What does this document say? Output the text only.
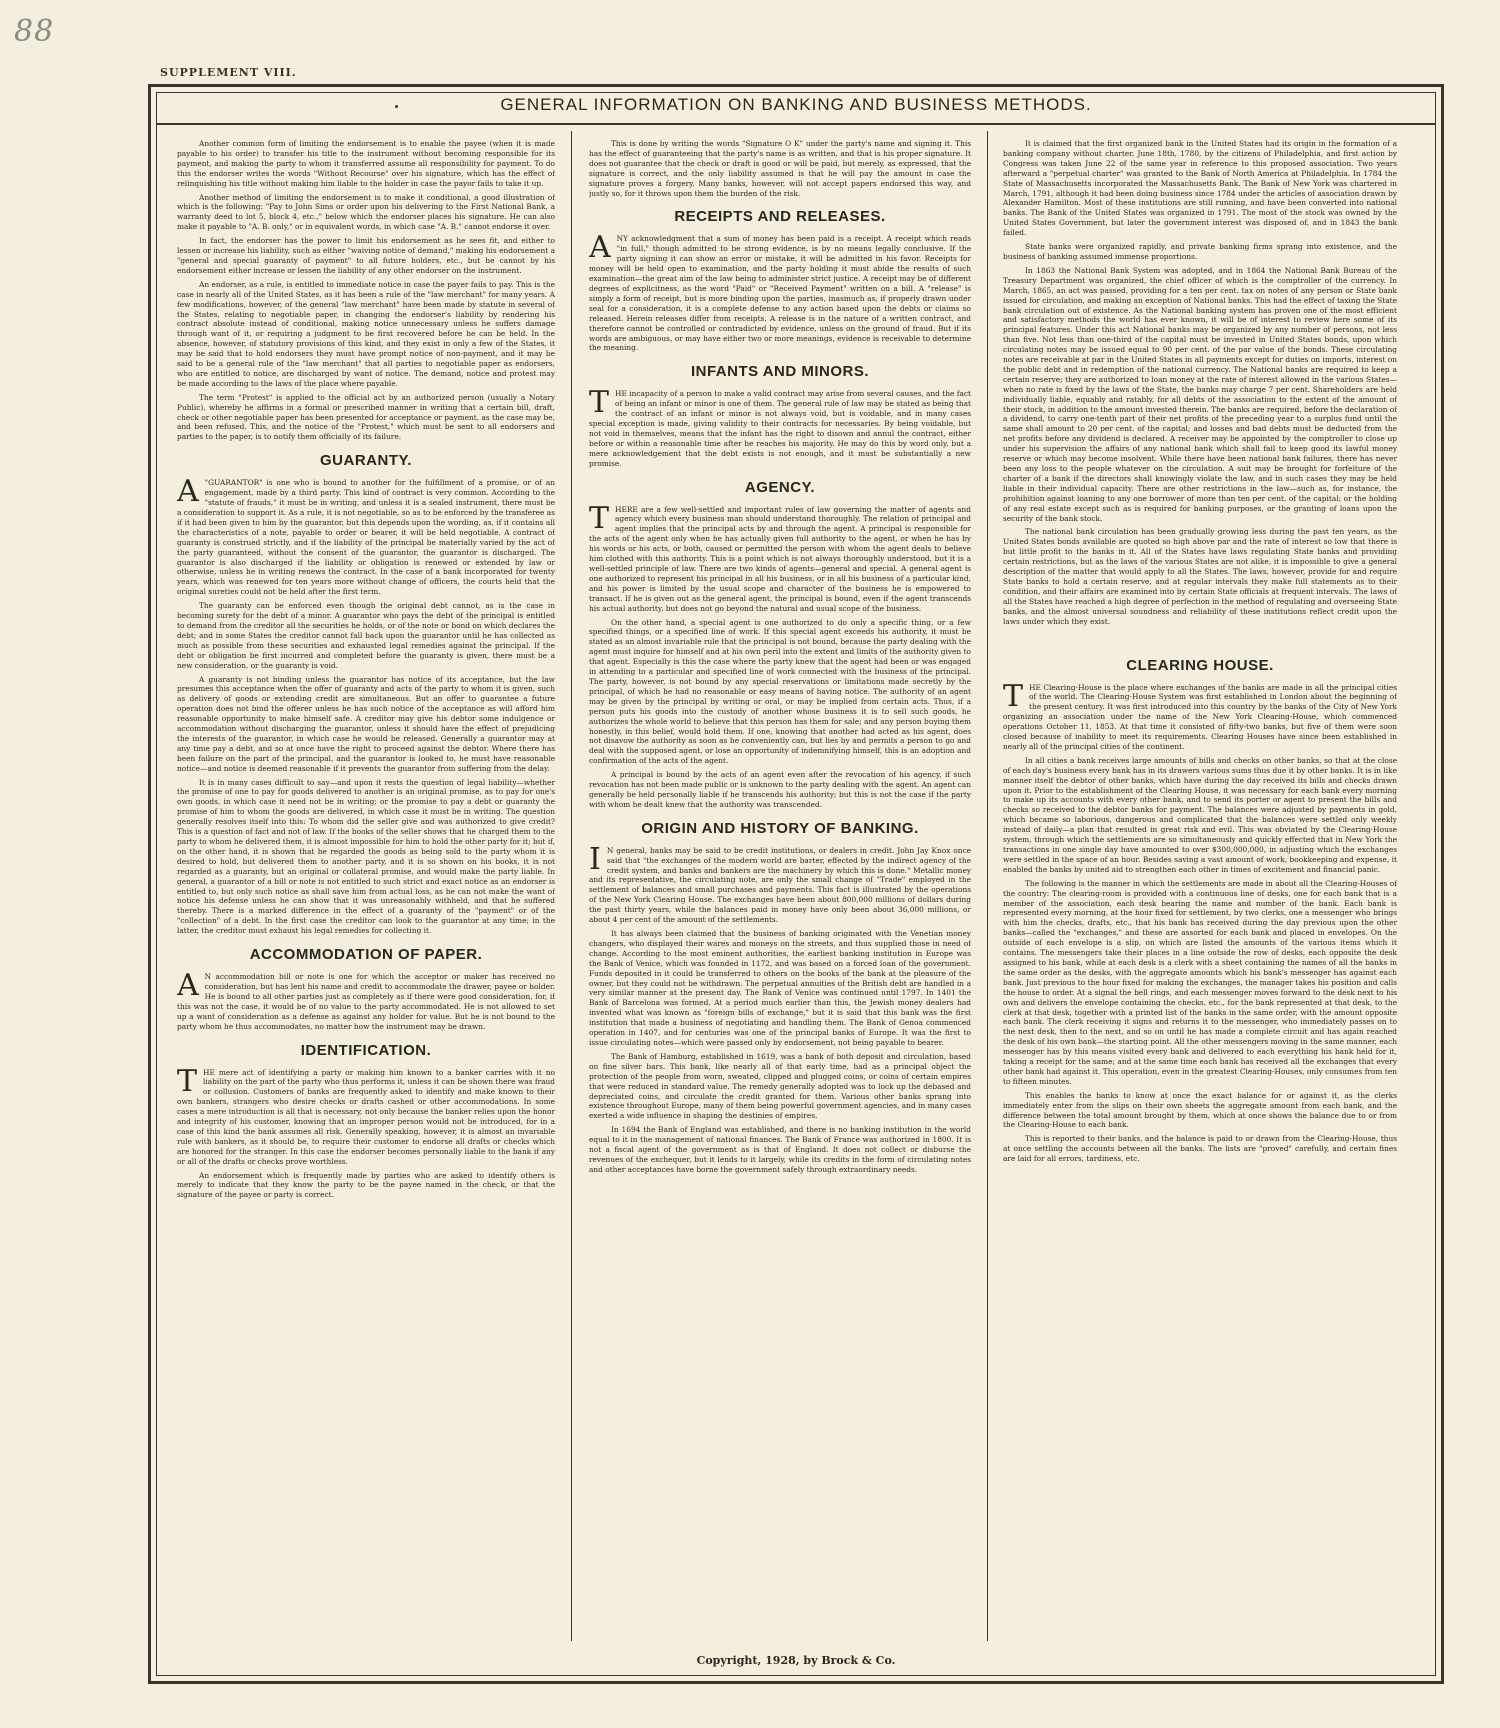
88
SUPPLEMENT VIII.
GENERAL INFORMATION ON BANKING AND BUSINESS METHODS.

Another common form of limiting the endorsement is to enable the payee (when it is made payable to his order) to transfer his title to the instrument without becoming responsible for its payment, and making the party to whom it transferred assume all responsibility for payment. To do this the endorser writes the words "Without Recourse" over his signature, which has the effect of relinquishing his title without making him liable to the holder in case the payor fails to take it up.

Another method of limiting the endorsement is to make it conditional, a good illustration of which is the following: "Pay to John Sims or order upon his delivering to the First National Bank, a warranty deed to lot 5, block 4, etc.," below which the endorser places his signature. He can also make it payable to "A. B. only," or in equivalent words, in which case "A. B." cannot endorse it over.

In fact, the endorser has the power to limit his endorsement as he sees fit, and either to lessen or increase his liability, such as either "waiving notice of demand," making his endorsement a "general and special guaranty of payment" to all future holders, etc., but he cannot by his endorsement either increase or lessen the liability of any other endorser on the instrument.

An endorser, as a rule, is entitled to immediate notice in case the payer fails to pay. This is the case in nearly all of the United States, as it has been a rule of the "law merchant" for many years. A few modifications, however, of the general "law merchant" have been made by statute in several of the States, relating to negotiable paper, in changing the endorser's liability by rendering his contract absolute instead of conditional, making notice unnecessary unless he suffers damage through want of it, or requiring a judgment to be first recovered before he can be held. In the absence, however, of statutory provisions of this kind, and they exist in only a few of the States, it may be said that to hold endorsers they must have prompt notice of non-payment, and it may be said to be a general rule of the "law merchant" that all parties to negotiable paper as endorsers, who are entitled to notice, are discharged by want of notice. The demand, notice and protest may be made according to the laws of the place where payable.

The term "Protest" is applied to the official act by an authorized person (usually a Notary Public), whereby he affirms in a formal or prescribed manner in writing that a certain bill, draft, check or other negotiable paper has been presented for acceptance or payment, as the case may be, and been refused. This, and the notice of the "Protest," which must be sent to all endorsers and parties to the paper, is to notify them officially of its failure.

GUARANTY.

A"GUARANTOR" is one who is bound to another for the fulfillment of a promise, or of an engagement, made by a third party. This kind of contract is very common. According to the "statute of frauds," it must be in writing, and unless it is a sealed instrument, there must be a consideration to support it. As a rule, it is not negotiable, so as to be enforced by the transferee as if it had been given to him by the guarantor, but this depends upon the wording, as, if it contains all the characteristics of a note, payable to order or bearer, it will be held negotiable. A contract of guaranty is construed strictly, and if the liability of the principal be materially varied by the act of the party guaranteed, without the consent of the guarantor, the guarantor is discharged. The guarantor is also discharged if the liability or obligation is renewed or extended by law or otherwise, unless he in writing renews the contract. In the case of a bank incorporated for twenty years, which was renewed for ten years more without change of officers, the courts held that the original sureties could not be held after the first term.

The guaranty can be enforced even though the original debt cannot, as is the case in becoming surety for the debt of a minor. A guarantor who pays the debt of the principal is entitled to demand from the creditor all the securities he holds, or of the note or bond on which declares the debt; and in some States the creditor cannot fall back upon the guarantor until he has collected as much as possible from these securities and exhausted legal remedies against the principal. If the debt or obligation be first incurred and completed before the guaranty is given, there must be a new consideration, or the guaranty is void.

A guaranty is not binding unless the guarantor has notice of its acceptance, but the law presumes this acceptance when the offer of guaranty and acts of the party to whom it is given, such as delivery of goods or extending credit are simultaneous. But an offer to guarantee a future operation does not bind the offerer unless he has such notice of the acceptance as will afford him reasonable opportunity to make himself safe. A creditor may give his debtor some indulgence or accommodation without discharging the guarantor, unless it should have the effect of prejudicing the interests of the guarantor, in which case he would be released. Generally a guarantor may at any time pay a debt, and so at once have the right to proceed against the debtor. Where there has been failure on the part of the principal, and the guarantor is looked to, he must have reasonable notice—and notice is deemed reasonable if it prevents the guarantor from suffering from the delay.

It is in many cases difficult to say—and upon it rests the question of legal liability—whether the promise of one to pay for goods delivered to another is an original promise, as to pay for one's own goods, in which case it need not be in writing; or the promise to pay a debt or guaranty the promise of him to whom the goods are delivered, in which case it must be in writing. The question generally resolves itself into this: To whom did the seller give and was authorized to give credit? This is a question of fact and not of law. If the books of the seller shows that he charged them to the party to whom he delivered them, it is almost impossible for him to hold the other party for it; but if, on the other hand, it is shown that he regarded the goods as being sold to the party whom it is desired to hold, but delivered them to another party, and it is so shown on his books, it is not regarded as a guaranty, but an original or collateral promise, and would make the party liable. In general, a guarantor of a bill or note is not entitled to such strict and exact notice as an endorser is entitled to, but only such notice as shall save him from actual loss, as he can not make the want of notice his defense unless he can show that it was unreasonably withheld, and that he suffered thereby. There is a marked difference in the effect of a guaranty of the "payment" or of the "collection" of a debt. In the first case the creditor can look to the guarantor at any time; in the latter, the creditor must exhaust his legal remedies for collecting it.

ACCOMMODATION OF PAPER.

AN accommodation bill or note is one for which the acceptor or maker has received no consideration, but has lent his name and credit to accommodate the drawer, payee or holder. He is bound to all other parties just as completely as if there were good consideration, for, if this was not the case, it would be of no value to the party accommodated. He is not allowed to set up a want of consideration as a defense as against any holder for value. But he is not bound to the party whom he thus accommodates, no matter how the instrument may be drawn.

IDENTIFICATION.

THE mere act of identifying a party or making him known to a banker carries with it no liability on the part of the party who thus performs it, unless it can be shown there was fraud or collusion. Customers of banks are frequently asked to identify and make known to their own bankers, strangers who desire checks or drafts cashed or other accommodations. In some cases a mere introduction is all that is necessary, not only because the banker relies upon the honor and integrity of his customer, knowing that an improper person would not be introduced, for in a case of this kind the bank assumes all risk. Generally speaking, however, it is almost an invariable rule with bankers, as it should be, to require their customer to endorse all drafts or checks which are honored for the stranger. In this case the endorser becomes personally liable to the bank if any or all of the drafts or checks prove worthless.

An endorsement which is frequently made by parties who are asked to identify others is merely to indicate that they know the party to be the payee named in the check, or that the signature of the payee or party is correct.

This is done by writing the words "Signature O K" under the party's name and signing it. This has the effect of guaranteeing that the party's name is as written, and that is his proper signature. It does not guarantee that the check or draft is good or will be paid, but merely, as expressed, that the signature is correct, and the only liability assumed is that he will pay the amount in case the signature proves a forgery. Many banks, however, will not accept papers endorsed this way, and justly so, for it throws upon them the burden of the risk.

RECEIPTS AND RELEASES.

ANY acknowledgment that a sum of money has been paid is a receipt. A receipt which reads "in full," though admitted to be strong evidence, is by no means legally conclusive. If the party signing it can show an error or mistake, it will be admitted in his favor. Receipts for money will be held open to examination, and the party holding it must abide the results of such examination—the great aim of the law being to administer strict justice. A receipt may be of different degrees of explicitness, as the word "Paid" or "Received Payment" written on a bill. A "release" is simply a form of receipt, but is more binding upon the parties, inasmuch as, if properly drawn under seal for a consideration, it is a complete defense to any action based upon the debts or claims so released. Herein releases differ from receipts. A release is in the nature of a written contract, and therefore cannot be controlled or contradicted by evidence, unless on the ground of fraud. But if its words are ambiguous, or may have either two or more meanings, evidence is receivable to determine the meaning.

INFANTS AND MINORS.

THE incapacity of a person to make a valid contract may arise from several causes, and the fact of being an infant or minor is one of them. The general rule of law may be stated as being that the contract of an infant or minor is not always void, but is voidable, and in many cases special exception is made, giving validity to their contracts for necessaries. By being voidable, but not void in themselves, means that the infant has the right to disown and annul the contract, either before or within a reasonable time after he reaches his majority. He may do this by word only, but a mere acknowledgement that the debt exists is not enough, and it must be substantially a new promise.

AGENCY.

THERE are a few well-settled and important rules of law governing the matter of agents and agency which every business man should understand thoroughly. The relation of principal and agent implies that the principal acts by and through the agent. A principal is responsible for the acts of the agent only when he has actually given full authority to the agent, or when he has by his words or his acts, or both, caused or permitted the person with whom the agent deals to believe him clothed with this authority. This is a point which is not always thoroughly understood, but it is a well-settled principle of law. There are two kinds of agents—general and special. A general agent is one authorized to represent his principal in all his business, or in all his business of a particular kind, and his power is limited by the usual scope and character of the business he is empowered to transact. If he is given out as the general agent, the principal is bound, even if the agent transcends his actual authority, but does not go beyond the natural and usual scope of the business.

On the other hand, a special agent is one authorized to do only a specific thing, or a few specified things, or a specified line of work. If this special agent exceeds his authority, it must be stated as an almost invariable rule that the principal is not bound, because the party dealing with the agent must inquire for himself and at his own peril into the extent and limits of the authority given to that agent. Especially is this the case where the party knew that the agent had been or was engaged in attending to a particular and specified line of work connected with the business of the principal. The party, however, is not bound by any special reservations or limitations made secretly by the principal, of which he had no reasonable or easy means of having notice. The authority of an agent may be given by the principal by writing or oral, or may be implied from certain acts. Thus, if a person puts his goods into the custody of another whose business it is to sell such goods, he authorizes the whole world to believe that this person has them for sale; and any person buying them honestly, in this belief, would hold them. If one, knowing that another had acted as his agent, does not disavow the authority as soon as he conveniently can, but lies by and permits a person to go and deal with the supposed agent, or lose an opportunity of indemnifying himself, this is an adoption and confirmation of the acts of the agent.

A principal is bound by the acts of an agent even after the revocation of his agency, if such revocation has not been made public or is unknown to the party dealing with the agent. An agent can generally be held personally liable if he transcends his authority; but this is not the case if the party with whom he dealt knew that the authority was transcended.

ORIGIN AND HISTORY OF BANKING.

IN general, banks may be said to be credit institutions, or dealers in credit. John Jay Knox once said that "the exchanges of the modern world are barter, effected by the indirect agency of the credit system, and banks and bankers are the machinery by which this is done." Metallic money and its representative, the circulating note, are only the small change of "Trade" employed in the settlement of balances and small purchases and payments. This fact is illustrated by the operations of the New York Clearing House. The exchanges have been about 800,000 millions of dollars during the past thirty years, while the balances paid in money have only been about 36,000 millions, or about 4 per cent of the amount of the settlements.

It has always been claimed that the business of banking originated with the Venetian money changers, who displayed their wares and moneys on the streets, and thus supplied those in need of change. According to the most eminent authorities, the earliest banking institution in Europe was the Bank of Venice, which was founded in 1172, and was based on a forced loan of the government. Funds deposited in it could be transferred to others on the books of the bank at the pleasure of the owner, but they could not be withdrawn. The perpetual annuities of the British debt are handled in a very similar manner at the present day. The Bank of Venice was continued until 1797. In 1401 the Bank of Barcelona was formed. At a period much earlier than this, the Jewish money dealers had invented what was known as "foreign bills of exchange," but it is said that this bank was the first institution that made a business of negotiating and handling them. The Bank of Genoa commenced operation in 1407, and for centuries was one of the principal banks of Europe. It was the first to issue circulating notes—which were passed only by endorsement, not being payable to bearer.

The Bank of Hamburg, established in 1619, was a bank of both deposit and circulation, based on fine silver bars. This bank, like nearly all of that early time, had as a principal object the protection of the people from worn, sweated, clipped and plugged coins, or coins of certain empires that were reduced in standard value. The remedy generally adopted was to lock up the debased and depreciated coins, and circulate the credit granted for them. Various other banks sprang into existence throughout Europe, many of them being powerful government agencies, and in many cases exerted a wide influence in shaping the destinies of empires.

In 1694 the Bank of England was established, and there is no banking institution in the world equal to it in the management of national finances. The Bank of France was authorized in 1800. It is not a fiscal agent of the government as is that of England. It does not collect or disburse the revenues of the exchequer, but it lends to it largely, while its credits in the form of circulating notes and other acceptances have borne the government safely through extraordinary needs.

It is claimed that the first organized bank in the United States had its origin in the formation of a banking company without charter, June 18th, 1780, by the citizens of Philadelphia, and first action by Congress was taken June 22 of the same year in reference to this proposed association. Two years afterward a "perpetual charter" was granted to the Bank of North America at Philadelphia. In 1784 the State of Massachusetts incorporated the Massachusetts Bank. The Bank of New York was chartered in March, 1791, although it had been doing business since 1784 under the articles of association drawn by Alexander Hamilton. Most of these institutions are still running, and have been converted into national banks. The Bank of the United States was organized in 1791. The most of the stock was owned by the United States Government, but later the government interest was disposed of, and in 1843 the bank failed.

State banks were organized rapidly, and private banking firms sprang into existence, and the business of banking assumed immense proportions.

In 1863 the National Bank System was adopted, and in 1864 the National Bank Bureau of the Treasury Department was organized, the chief officer of which is the comptroller of the currency. In March, 1865, an act was passed, providing for a ten per cent. tax on notes of any person or State bank issued for circulation, and making an exception of National banks. This had the effect of taxing the State bank circulation out of existence. As the National banking system has proven one of the most efficient and satisfactory methods the world has ever known, it will be of interest to review here some of its principal features. Under this act National banks may be organized by any number of persons, not less than five. Not less than one-third of the capital must be invested in United States bonds, upon which circulating notes may be issued equal to 90 per cent. of the par value of the bonds. These circulating notes are receivable at par in the United States in all payments except for duties on imports, interest on the public debt and in redemption of the national currency. The National banks are required to keep a certain reserve; they are authorized to loan money at the rate of interest allowed in the various States—when no rate is fixed by the laws of the State, the banks may charge 7 per cent. Shareholders are held individually liable, equably and ratably, for all debts of the association to the extent of the amount of their stock, in addition to the amount invested therein. The banks are required, before the declaration of a dividend, to carry one-tenth part of their net profits of the preceding year to a surplus fund until the same shall amount to 20 per cent. of the capital; and losses and bad debts must be deducted from the net profits before any dividend is declared. A receiver may be appointed by the comptroller to close up under his supervision the affairs of any national bank which shall fail to keep good its lawful money reserve or which may become insolvent. While there have been national bank failures, there has never been any loss to the people whatever on the circulation. A suit may be brought for forfeiture of the charter of a bank if the directors shall knowingly violate the law, and in such cases they may be held liable in their individual capacity. There are other restrictions in the law—such as, for instance, the prohibition against loaning to any one borrower of more than ten per cent. of the capital; or the holding of any real estate except such as is required for banking purposes, or the granting of loans upon the security of the bank stock.

The national bank circulation has been gradually growing less during the past ten years, as the United States bonds available are quoted so high above par and the rate of interest so low that there is but little profit to the banks in it. All of the States have laws regulating State banks and providing certain restrictions, but as the laws of the various States are not alike, it is impossible to give a general description of the matter that would apply to all the States. The laws, however, provide for and require State banks to hold a certain reserve, and at regular intervals they make full statements as to their condition, and their affairs are examined into by certain State officials at frequent intervals. The laws of all the States have reached a high degree of perfection in the method of regulating and overseeing State banks, and the almost universal soundness and reliability of these institutions reflect credit upon the laws under which they exist.

CLEARING HOUSE.

THE Clearing-House is the place where exchanges of the banks are made in all the principal cities of the world. The Clearing-House System was first established in London about the beginning of the present century. It was first introduced into this country by the banks of the City of New York organizing an association under the name of the New York Clearing-House, which commenced operations October 11, 1853. At that time it consisted of fifty-two banks, but five of them were soon closed because of inability to meet its requirements. Clearing Houses have since been established in nearly all of the principal cities of the continent.

In all cities a bank receives large amounts of bills and checks on other banks, so that at the close of each day's business every bank has in its drawers various sums thus due it by other banks. It is in like manner itself the debtor of other banks, which have during the day received its bills and checks drawn upon it. Prior to the establishment of the Clearing House, it was necessary for each bank every morning to make up its accounts with every other bank, and to send its porter or agent to present the bills and checks so received to the debtor banks for payment. The balances were adjusted by payments in gold, which became so laborious, dangerous and complicated that the balances were settled only weekly instead of daily—a plan that resulted in great risk and evil. This was obviated by the Clearing-House system, through which the settlements are so simultaneously and quickly effected that in New York the transactions in one single day have amounted to over $300,000,000, in adjusting which the exchanges were settled in the space of an hour. Besides saving a vast amount of work, bookkeeping and expense, it enabled the banks by united aid to strengthen each other in times of excitement and financial panic.

The following is the manner in which the settlements are made in about all the Clearing-Houses of the country: The clearing-room is provided with a continuous line of desks, one for each bank that is a member of the association, each desk bearing the name and number of the bank. Each bank is represented every morning, at the hour fixed for settlement, by two clerks, one a messenger who brings with him the checks, drafts, etc., that his bank has received during the day previous upon the other banks—called the "exchanges," and these are assorted for each bank and placed in envelopes. On the outside of each envelope is a slip, on which are listed the amounts of the various items which it contains. The messengers take their places in a line outside the row of desks, each opposite the desk assigned to his bank, while at each desk is a clerk with a sheet containing the names of all the banks in the same order as the desks, with the aggregate amounts which his bank's messenger has against each bank. Just previous to the hour fixed for making the exchanges, the manager takes his position and calls the house to order. At a signal the bell rings, and each messenger moves forward to the desk next to his own and delivers the envelope containing the checks, etc., for the bank represented at that desk, to the clerk at that desk, together with a printed list of the banks in the same order, with the amount opposite each bank. The clerk receiving it signs and returns it to the messenger, who immediately passes on to the next desk, then to the next, and so on until he has made a complete circuit and has again reached the desk of his own bank—the starting point. All the other messengers moving in the same manner, each messenger has by this means visited every bank and delivered to each everything his bank held for it, taking a receipt for the same; and at the same time each bank has received all the exchanges that every other bank had against it. This operation, even in the greatest Clearing-Houses, only consumes from ten to fifteen minutes.

This enables the banks to know at once the exact balance for or against it, as the clerks immediately enter from the slips on their own sheets the aggregate amount from each bank, and the difference between the total amount brought by them, which at once shows the balance due to or from the Clearing-House to each bank.

This is reported to their banks, and the balance is paid to or drawn from the Clearing-House, thus at once settling the accounts between all the banks. The lists are "proved" carefully, and certain fines are laid for all errors, tardiness, etc.

Copyright, 1928, by Brock & Co.
